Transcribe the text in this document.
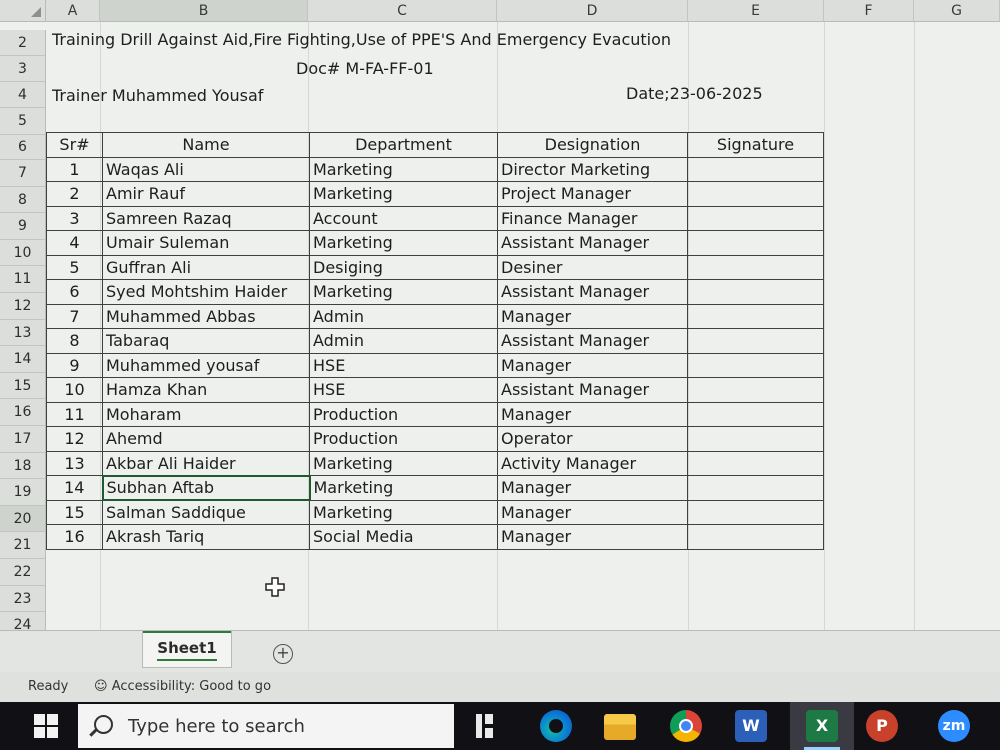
A	B	C	D	E	F	G
2
3
4
5
6
7
8
9
10
11
12
13
14
15
16
17
18
19
20
21
22
23
24
Training Drill Against Aid,Fire Fighting,Use of PPE'S And Emergency Evacution
Doc# M-FA-FF-01
Trainer Muhammed Yousaf	Date;23-06-2025
Sr#	Name	Department	Designation	Signature
1	Waqas Ali	Marketing	Director Marketing	
2	Amir Rauf	Marketing	Project Manager	
3	Samreen Razaq	Account	Finance Manager	
4	Umair Suleman	Marketing	Assistant Manager	
5	Guffran Ali	Desiging	Desiner	
6	Syed Mohtshim Haider	Marketing	Assistant Manager	
7	Muhammed Abbas	Admin	Manager	
8	Tabaraq	Admin	Assistant Manager	
9	Muhammed yousaf	HSE	Manager	
10	Hamza Khan	HSE	Assistant Manager	
11	Moharam	Production	Manager	
12	Ahemd	Production	Operator	
13	Akbar Ali Haider	Marketing	Activity Manager	
14	Subhan Aftab	Marketing	Manager	
15	Salman Saddique	Marketing	Manager	
16	Akrash Tariq	Social Media	Manager	
Sheet1	+
Ready ☺ Accessibility: Good to go
Type here to search	W	X	P	zm
